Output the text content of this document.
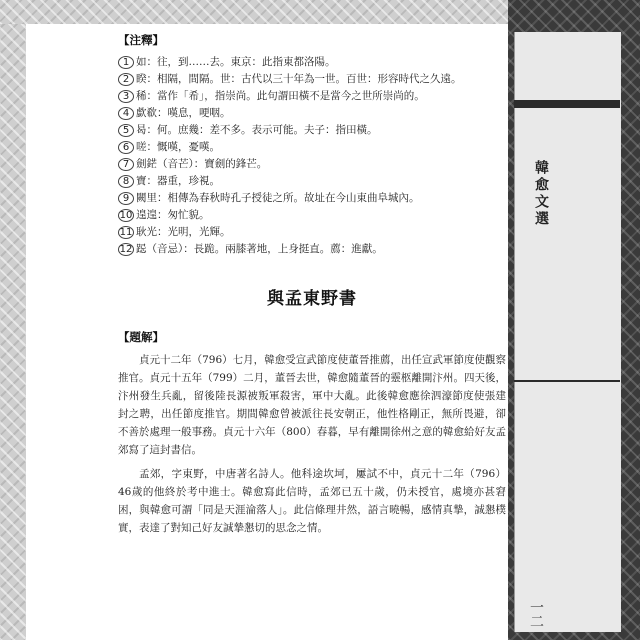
韓愈文選
一二
【注釋】
1 如：往，到……去。東京：此指東都洛陽。
2 睽：相隔，間隔。世：古代以三十年為一世。百世：形容時代之久遠。
3 稀：當作「希」，指崇尚。此句謂田橫不是當今之世所崇尚的。
4 歔欷：嘆息，哽咽。
5 曷：何。庶幾：差不多。表示可能。夫子：指田橫。
6 嗟：慨嘆，憂嘆。
7 劍鋩（音芒）：寶劍的鋒芒。
8 寶：器重，珍視。
9 闕里：相傳為春秋時孔子授徒之所。故址在今山東曲阜城內。
10 遑遑：匆忙貌。
11 耿光：光明，光輝。
12 跽（音忌）：長跪。兩膝著地，上身挺直。薦：進獻。
與孟東野書
【題解】

貞元十二年（796）七月，韓愈受宣武節度使董晉推薦，出任宣武軍節度使觀察推官。貞元十五年（799）二月，董晉去世，韓愈隨董晉的靈柩離開汴州。四天後，汴州發生兵亂，留後陸長源被叛軍殺害，軍中大亂。此後韓愈應徐泗濠節度使張建封之聘，出任節度推官。期間韓愈曾被派往長安朝正，他性格剛正，無所畏避，卻不善於處理一般事務。貞元十六年（800）春暮，早有離開徐州之意的韓愈給好友孟郊寫了這封書信。

孟郊，字東野，中唐著名詩人。他科途坎坷，屢試不中，貞元十二年（796）46歲的他終於考中進士。韓愈寫此信時，孟郊已五十歲，仍未授官，處境亦甚窘困，與韓愈可謂「同是天涯淪落人」。此信條理井然，語言曉暢，感情真摯，誠懇樸實，表達了對知己好友誠摯懇切的思念之情。
